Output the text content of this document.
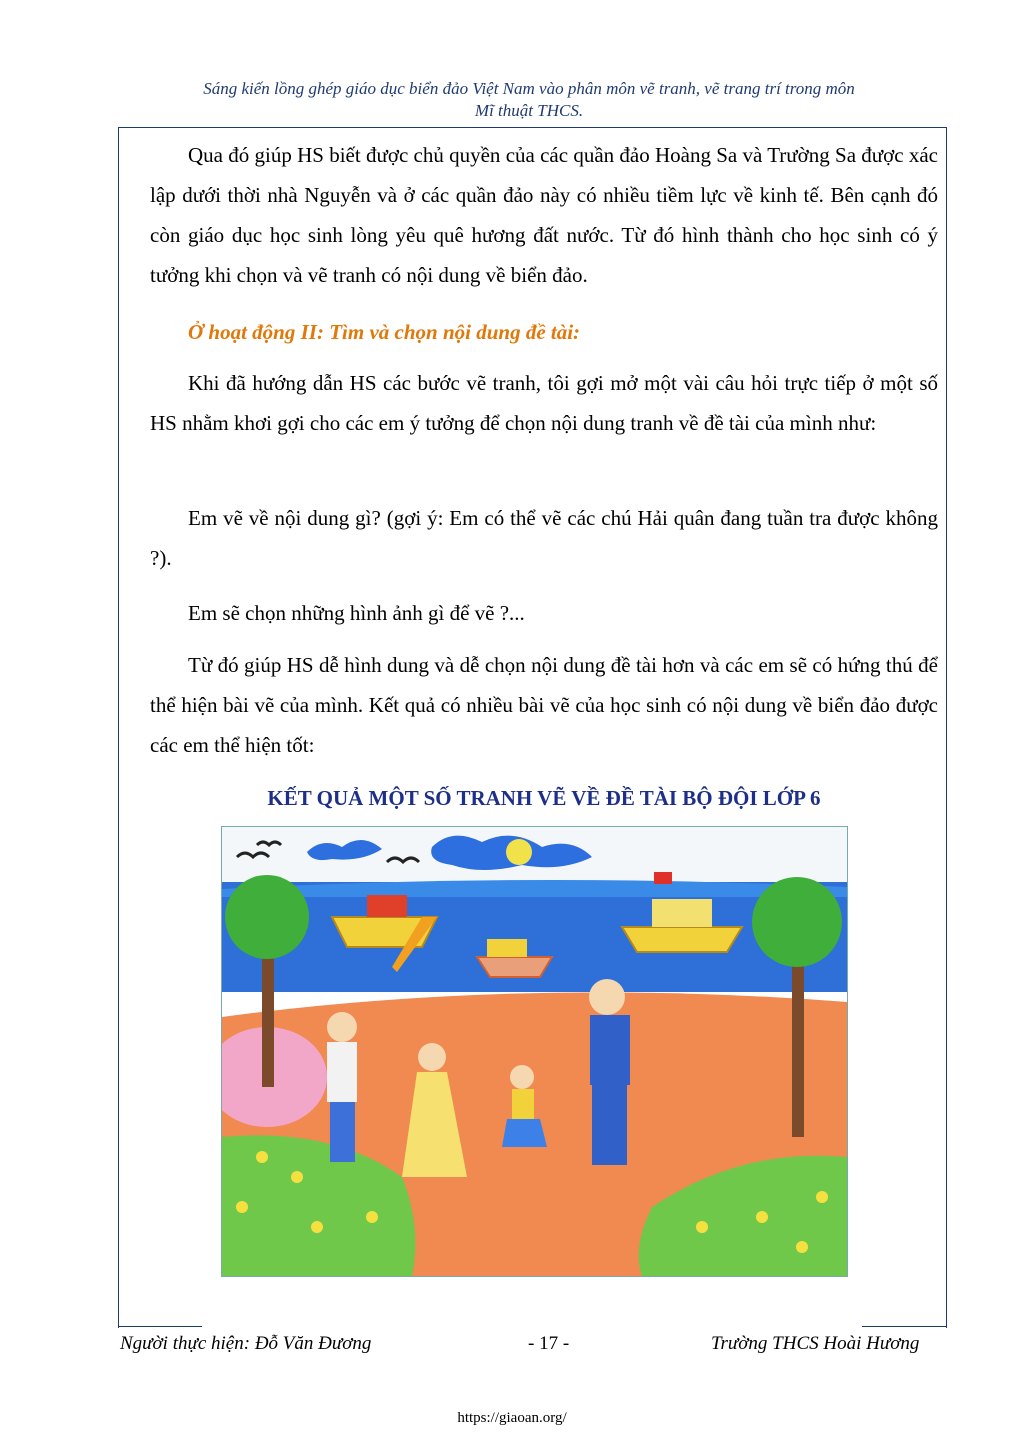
Sáng kiến lồng ghép giáo dục biển đảo Việt Nam vào phân môn vẽ tranh, vẽ trang trí trong môn
Mĩ thuật THCS.

Qua đó giúp HS biết được chủ quyền của các quần đảo Hoàng Sa và Trường Sa được xác lập dưới thời nhà Nguyễn và ở các quần đảo này có nhiều tiềm lực về kinh tế. Bên cạnh đó còn giáo dục học sinh lòng yêu quê hương đất nước. Từ đó hình thành cho học sinh có ý tưởng khi chọn và vẽ tranh có nội dung về biển đảo.

Ở hoạt động II: Tìm và chọn nội dung đề tài:

Khi đã hướng dẫn HS các bước vẽ tranh, tôi gợi mở một vài câu hỏi trực tiếp ở một số HS nhằm khơi gợi cho các em ý tưởng để chọn nội dung tranh về đề tài của mình như:

Em vẽ về nội dung gì? (gợi ý: Em có thể vẽ các chú Hải quân đang tuần tra được không ?).

Em sẽ chọn những hình ảnh gì để vẽ ?...

Từ đó giúp HS dễ hình dung và dễ chọn nội dung đề tài hơn và các em sẽ có hứng thú để thể hiện bài vẽ của mình. Kết quả có nhiều bài vẽ của học sinh có nội dung về biển đảo được các em thể hiện tốt:

KẾT QUẢ MỘT SỐ TRANH VẼ VỀ ĐỀ TÀI BỘ ĐỘI LỚP 6
Người thực hiện: Đỗ Văn Đương	- 17 -	Trường THCS Hoài Hương
https://giaoan.org/
